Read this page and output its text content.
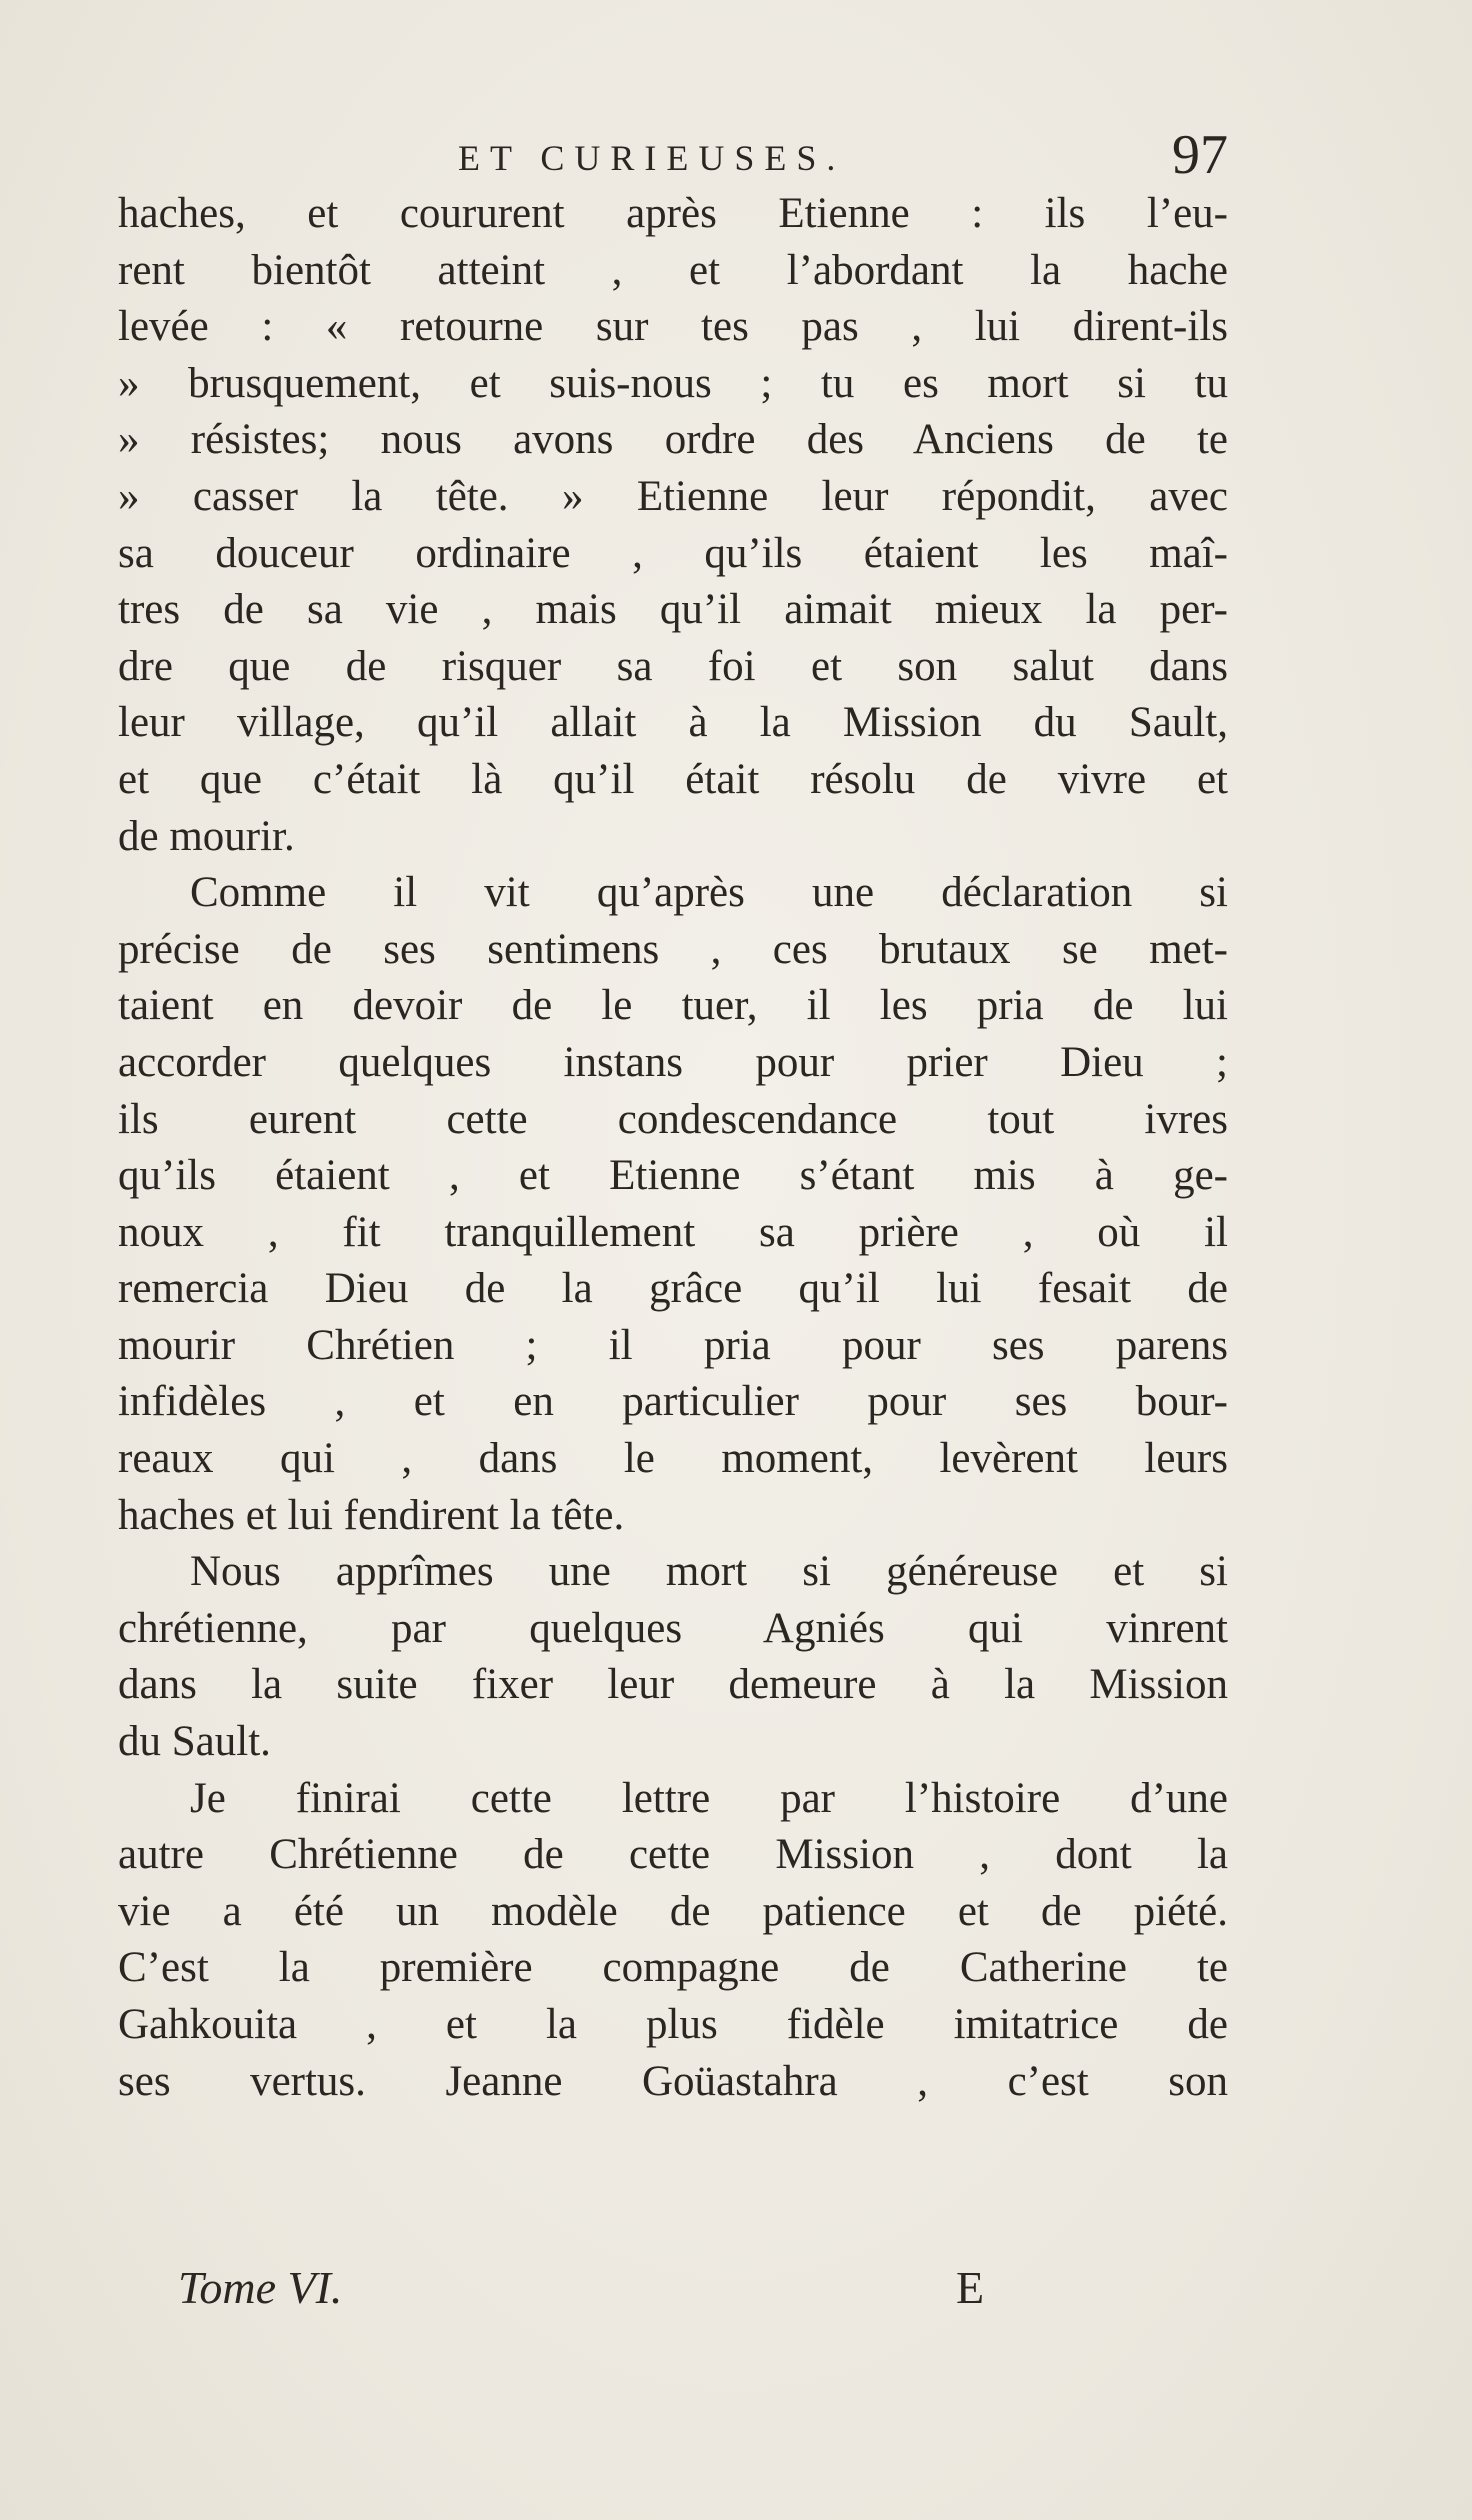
ET CURIEUSES.	97
haches, et coururent après Etienne : ils l’eu-
rent bientôt atteint , et l’abordant la hache
levée : « retourne sur tes pas , lui dirent-ils
» brusquement, et suis-nous ; tu es mort si tu
» résistes; nous avons ordre des Anciens de te
» casser la tête. » Etienne leur répondit, avec
sa douceur ordinaire , qu’ils étaient les maî-
tres de sa vie , mais qu’il aimait mieux la per-
dre que de risquer sa foi et son salut dans
leur village, qu’il allait à la Mission du Sault,
et que c’était là qu’il était résolu de vivre et
de mourir.
Comme il vit qu’après une déclaration si
précise de ses sentimens , ces brutaux se met-
taient en devoir de le tuer, il les pria de lui
accorder quelques instans pour prier Dieu ;
ils eurent cette condescendance tout ivres
qu’ils étaient , et Etienne s’étant mis à ge-
noux , fit tranquillement sa prière , où il
remercia Dieu de la grâce qu’il lui fesait de
mourir Chrétien ; il pria pour ses parens
infidèles , et en particulier pour ses bour-
reaux qui , dans le moment, levèrent leurs
haches et lui fendirent la tête.
Nous apprîmes une mort si généreuse et si
chrétienne, par quelques Agniés qui vinrent
dans la suite fixer leur demeure à la Mission
du Sault.
Je finirai cette lettre par l’histoire d’une
autre Chrétienne de cette Mission , dont la
vie a été un modèle de patience et de piété.
C’est la première compagne de Catherine te
Gahkouita , et la plus fidèle imitatrice de
ses vertus. Jeanne Goüastahra , c’est son
Tome VI.	E
